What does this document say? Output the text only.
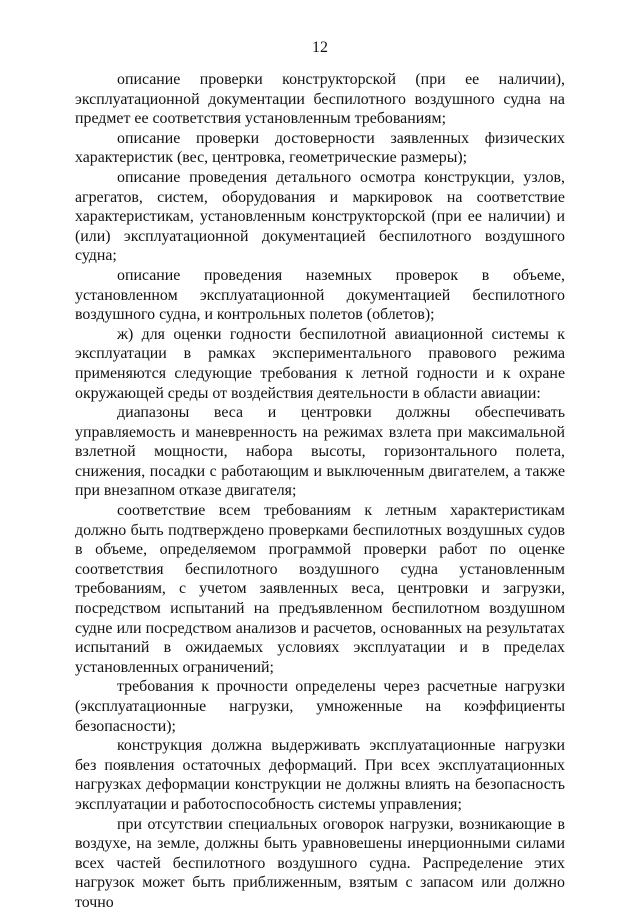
12

описание проверки конструкторской (при ее наличии), эксплуатационной документации беспилотного воздушного судна на предмет ее соответствия установленным требованиям;

описание проверки достоверности заявленных физических характеристик (вес, центровка, геометрические размеры);

описание проведения детального осмотра конструкции, узлов, агрегатов, систем, оборудования и маркировок на соответствие характеристикам, установленным конструкторской (при ее наличии) и (или) эксплуатационной документацией беспилотного воздушного судна;

описание проведения наземных проверок в объеме, установленном эксплуатационной документацией беспилотного воздушного судна, и контрольных полетов (облетов);

ж) для оценки годности беспилотной авиационной системы к эксплуатации в рамках экспериментального правового режима применяются следующие требования к летной годности и к охране окружающей среды от воздействия деятельности в области авиации:

диапазоны веса и центровки должны обеспечивать управляемость и маневренность на режимах взлета при максимальной взлетной мощности, набора высоты, горизонтального полета, снижения, посадки с работающим и выключенным двигателем, а также при внезапном отказе двигателя;

соответствие всем требованиям к летным характеристикам должно быть подтверждено проверками беспилотных воздушных судов в объеме, определяемом программой проверки работ по оценке соответствия беспилотного воздушного судна установленным требованиям, с учетом заявленных веса, центровки и загрузки, посредством испытаний на предъявленном беспилотном воздушном судне или посредством анализов и расчетов, основанных на результатах испытаний в ожидаемых условиях эксплуатации и в пределах установленных ограничений;

требования к прочности определены через расчетные нагрузки (эксплуатационные нагрузки, умноженные на коэффициенты безопасности);

конструкция должна выдерживать эксплуатационные нагрузки без появления остаточных деформаций. При всех эксплуатационных нагрузках деформации конструкции не должны влиять на безопасность эксплуатации и работоспособность системы управления;

при отсутствии специальных оговорок нагрузки, возникающие в воздухе, на земле, должны быть уравновешены инерционными силами всех частей беспилотного воздушного судна. Распределение этих нагрузок может быть приближенным, взятым с запасом или должно точно
